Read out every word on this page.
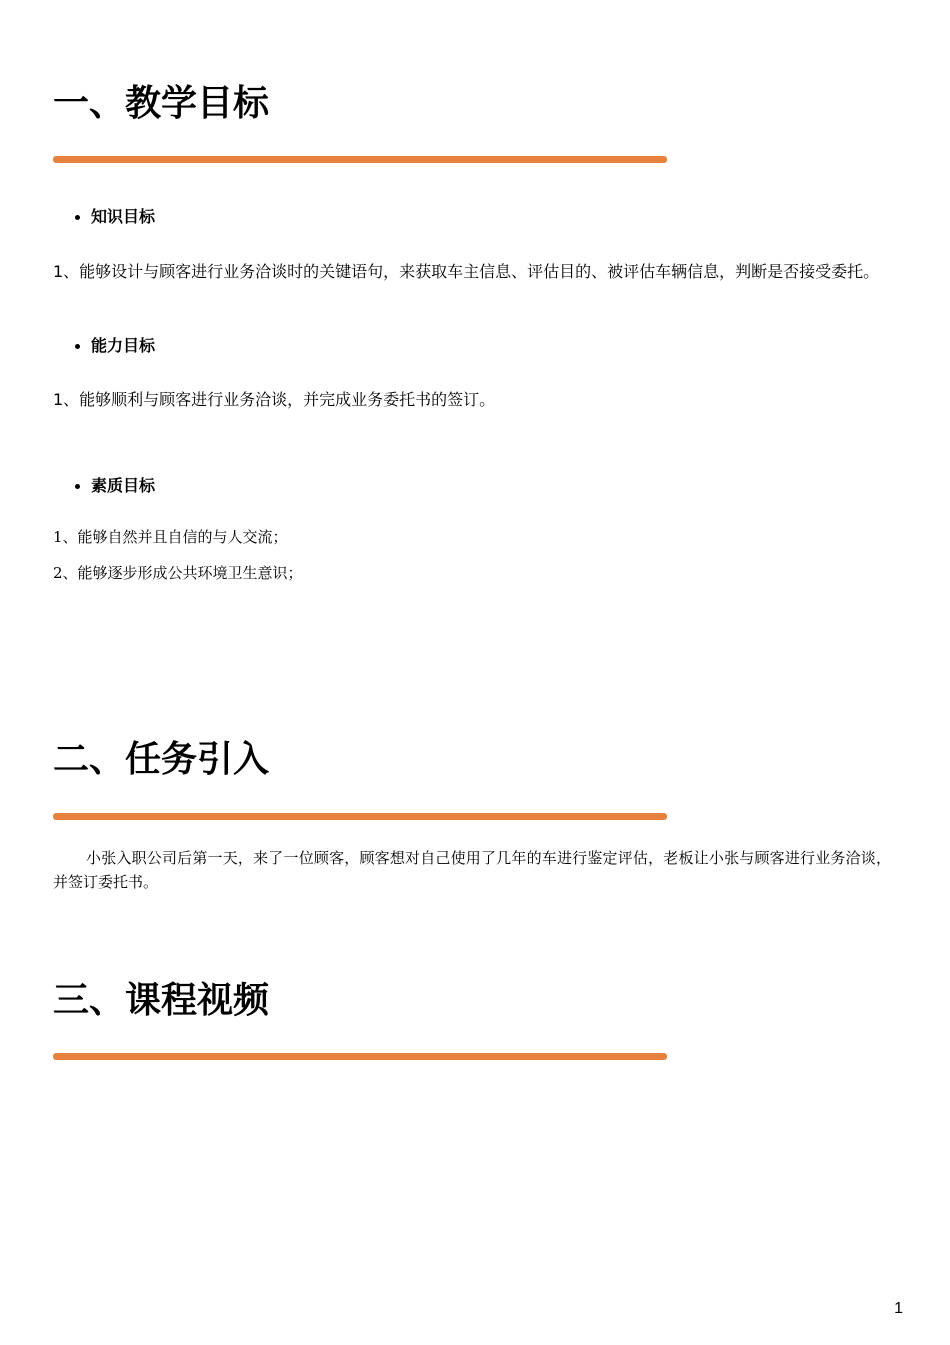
一、教学目标
知识目标
1、能够设计与顾客进行业务洽谈时的关键语句，来获取车主信息、评估目的、被评估车辆信息，判断是否接受委托。
能力目标
1、能够顺利与顾客进行业务洽谈，并完成业务委托书的签订。
素质目标
1、能够自然并且自信的与人交流；
2、能够逐步形成公共环境卫生意识；
二、任务引入
小张入职公司后第一天，来了一位顾客，顾客想对自己使用了几年的车进行鉴定评估，老板让小张与顾客进行业务洽谈，并签订委托书。
三、课程视频
1
